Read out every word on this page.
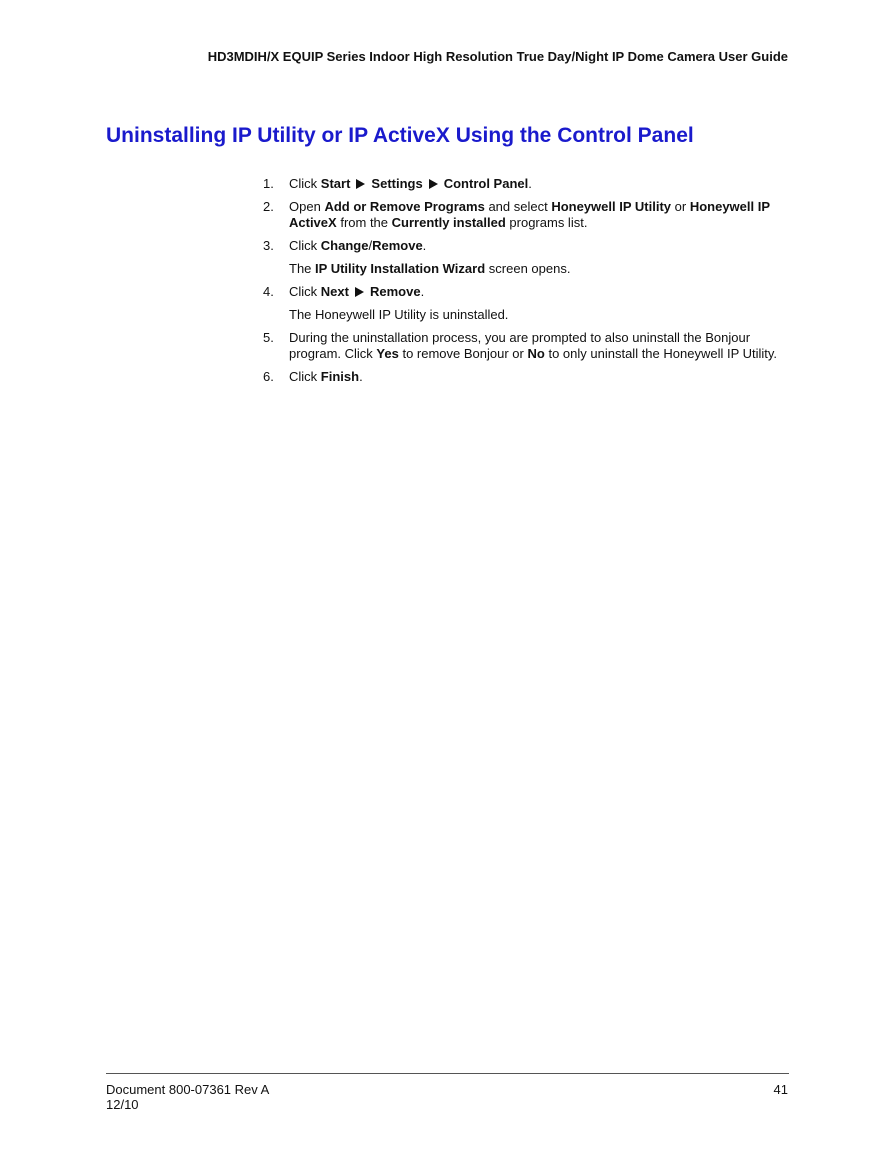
HD3MDIH/X EQUIP Series Indoor High Resolution True Day/Night IP Dome Camera User Guide
Uninstalling IP Utility or IP ActiveX Using the Control Panel
1.	Click Start Settings Control Panel.
2.	Open Add or Remove Programs and select Honeywell IP Utility or Honeywell IP ActiveX from the Currently installed programs list.
3.	Click Change/Remove.
The IP Utility Installation Wizard screen opens.
4.	Click Next Remove.
The Honeywell IP Utility is uninstalled.
5.	During the uninstallation process, you are prompted to also uninstall the Bonjour program. Click Yes to remove Bonjour or No to only uninstall the Honeywell IP Utility.
6.	Click Finish.
Document 800-07361 Rev A
12/10
41
